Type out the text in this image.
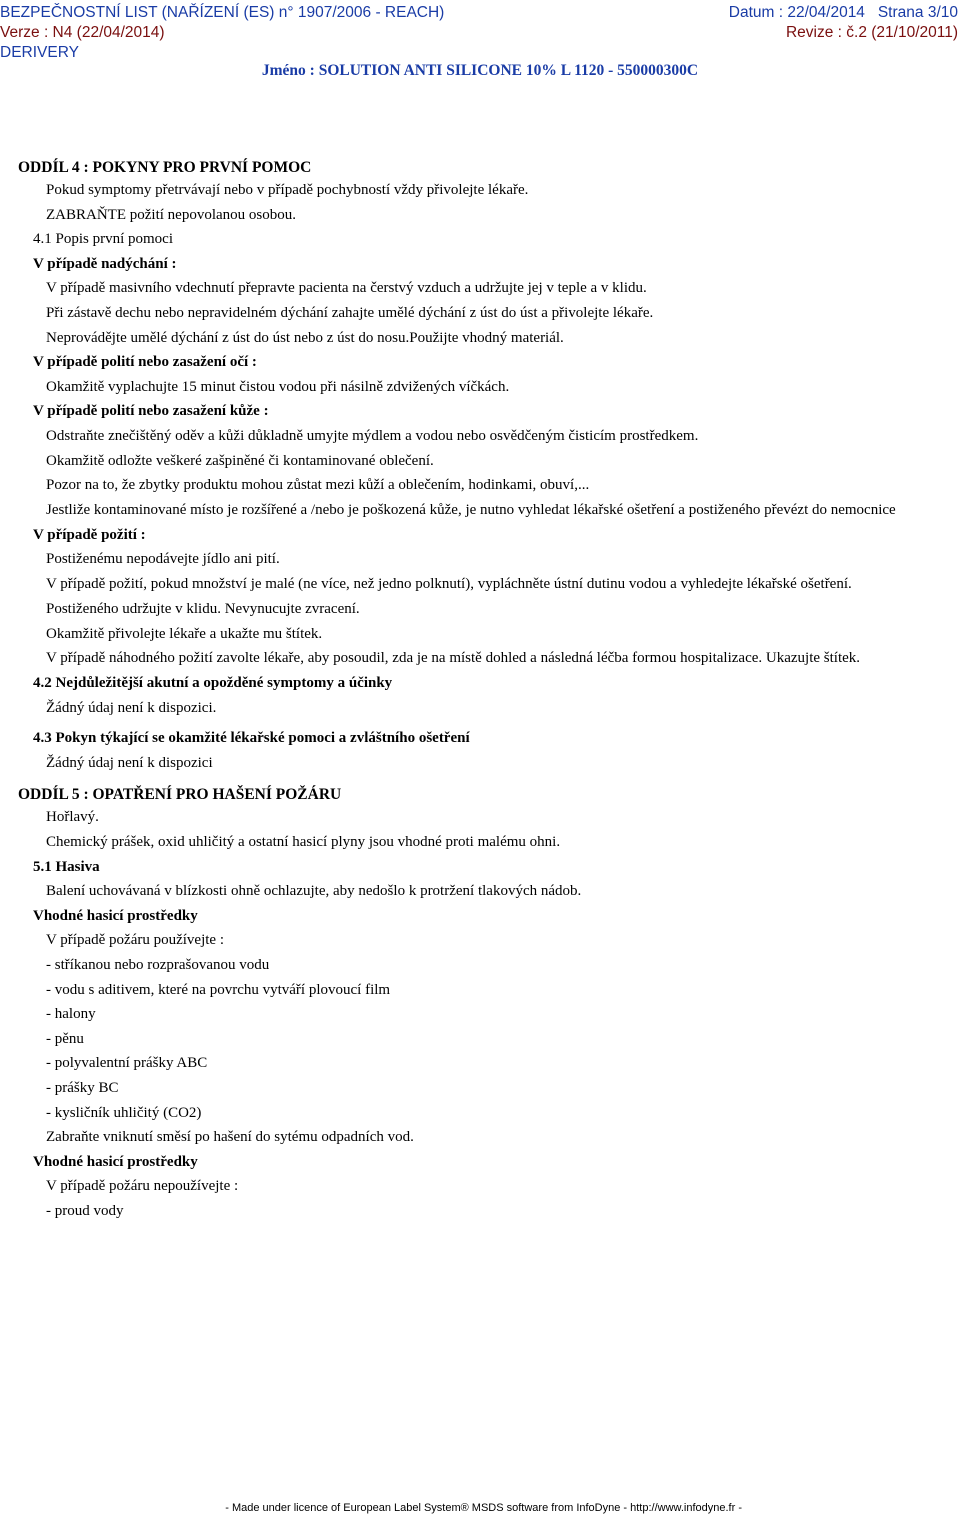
BEZPEČNOSTNÍ LIST (NAŘÍZENÍ (ES) n° 1907/2006 - REACH)	Datum : 22/04/2014   Strana 3/10
Verze : N4 (22/04/2014)	Revize : č.2 (21/10/2011)
DERIVERY
Jméno : SOLUTION ANTI SILICONE 10% L 1120 - 550000300C

ODDÍL 4 : POKYNY PRO PRVNÍ POMOC

Pokud symptomy přetrvávají nebo v případě pochybností vždy přivolejte lékaře.

ZABRAŇTE požití nepovolanou osobou.

4.1 Popis první pomoci

V případě nadýchání :

V případě masivního vdechnutí přepravte pacienta na čerstvý vzduch a udržujte jej v teple a v klidu.

Při zástavě dechu nebo nepravidelném dýchání zahajte umělé dýchání z úst do úst a přivolejte lékaře.

Neprovádějte umělé dýchání z úst do úst nebo z úst do nosu.Použijte vhodný materiál.

V případě polití nebo zasažení očí :

Okamžitě vyplachujte 15 minut čistou vodou při násilně zdvižených víčkách.

V případě polití nebo zasažení kůže :

Odstraňte znečištěný oděv a kůži důkladně umyjte mýdlem a vodou nebo osvědčeným čisticím prostředkem.

Okamžitě odložte veškeré zašpiněné či kontaminované oblečení.

Pozor na to, že zbytky produktu mohou zůstat mezi kůží a oblečením, hodinkami, obuví,...

Jestliže kontaminované místo je rozšířené a /nebo je poškozená kůže, je nutno vyhledat lékařské ošetření a postiženého převézt do nemocnice

V případě požití :

Postiženému nepodávejte jídlo ani pití.

V případě požití, pokud množství je malé (ne více, než jedno polknutí), vypláchněte ústní dutinu vodou a vyhledejte lékařské ošetření.

Postiženého udržujte v klidu. Nevynucujte zvracení.

Okamžitě přivolejte lékaře a ukažte mu štítek.

V případě náhodného požití zavolte lékaře, aby posoudil, zda je na místě dohled a následná léčba formou hospitalizace. Ukazujte štítek.

4.2 Nejdůležitější akutní a opožděné symptomy a účinky

Žádný údaj není k dispozici.

4.3 Pokyn týkající se okamžité lékařské pomoci a zvláštního ošetření

Žádný údaj není k dispozici

ODDÍL 5 : OPATŘENÍ PRO HAŠENÍ POŽÁRU

Hořlavý.

Chemický prášek, oxid uhličitý a ostatní hasicí plyny jsou vhodné proti malému ohni.

5.1 Hasiva

Balení uchovávaná v blízkosti ohně ochlazujte, aby nedošlo k protržení tlakových nádob.

Vhodné hasicí prostředky

V případě požáru používejte :

- stříkanou nebo rozprašovanou vodu

- vodu s aditivem, které na povrchu vytváří plovoucí film

- halony

- pěnu

- polyvalentní prášky ABC

- prášky BC

- kysličník uhličitý (CO2)

Zabraňte vniknutí směsí po hašení do sytému odpadních vod.

Vhodné hasicí prostředky

V případě požáru nepoužívejte :

- proud vody

- Made under licence of European Label System® MSDS software from InfoDyne - http://www.infodyne.fr -
